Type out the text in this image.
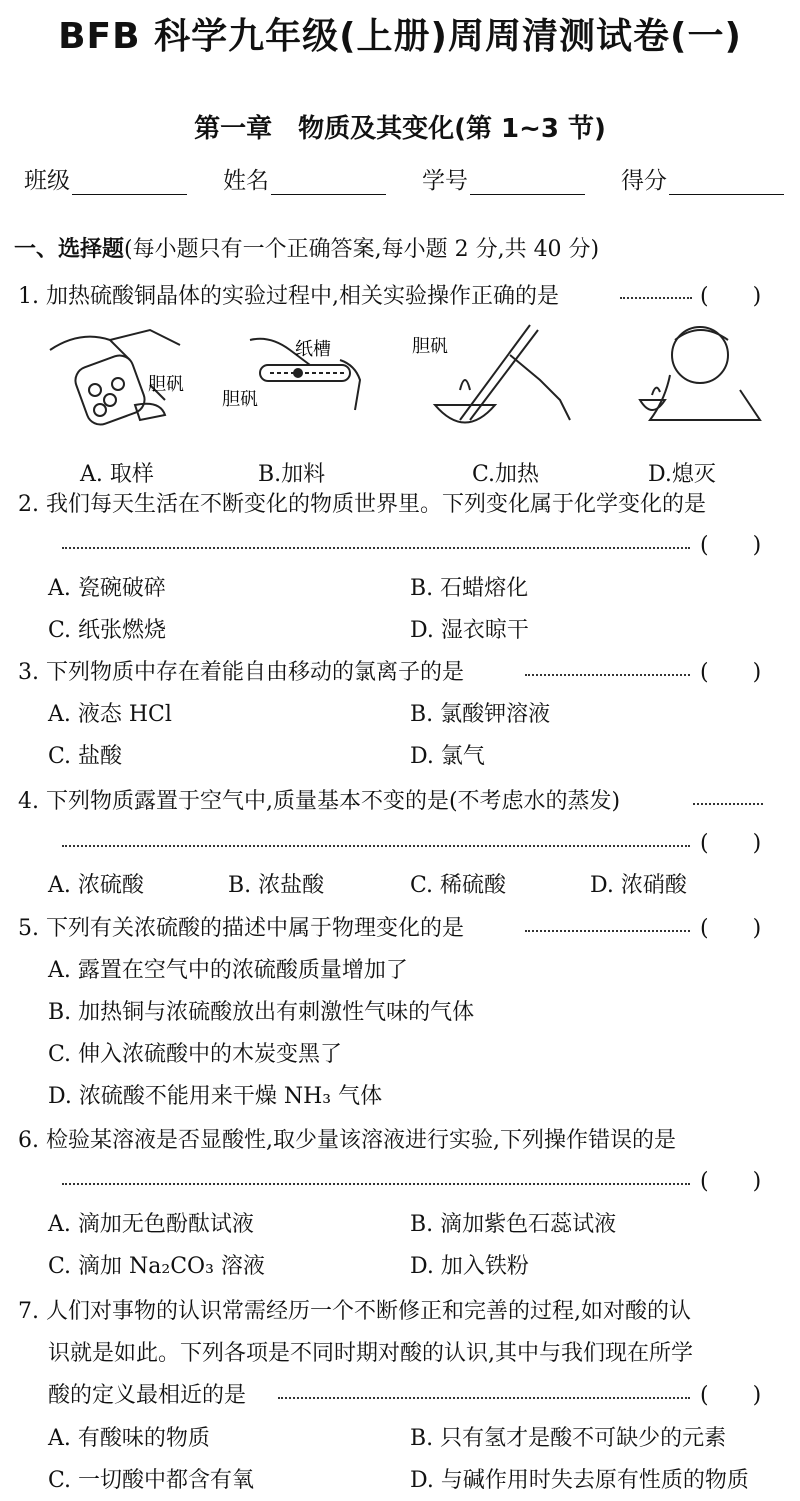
BFB 科学九年级(上册)周周清测试卷(一)
第一章　物质及其变化(第 1~3 节)
班级	姓名	学号	得分
一、选择题(每小题只有一个正确答案,每小题 2 分,共 40 分)
1. 加热硫酸铜晶体的实验过程中,相关实验操作正确的是	(　　)
胆矾
纸槽
胆矾
胆矾
A. 取样	B.加料	C.加热	D.熄灭
2. 我们每天生活在不断变化的物质世界里。下列变化属于化学变化的是
(　　)
A. 瓷碗破碎	B. 石蜡熔化
C. 纸张燃烧	D. 湿衣晾干
3. 下列物质中存在着能自由移动的氯离子的是	(　　)
A. 液态 HCl	B. 氯酸钾溶液
C. 盐酸	D. 氯气
4. 下列物质露置于空气中,质量基本不变的是(不考虑水的蒸发)
(　　)
A. 浓硫酸	B. 浓盐酸	C. 稀硫酸	D. 浓硝酸
5. 下列有关浓硫酸的描述中属于物理变化的是	(　　)
A. 露置在空气中的浓硫酸质量增加了
B. 加热铜与浓硫酸放出有刺激性气味的气体
C. 伸入浓硫酸中的木炭变黑了
D. 浓硫酸不能用来干燥 NH₃ 气体
6. 检验某溶液是否显酸性,取少量该溶液进行实验,下列操作错误的是
(　　)
A. 滴加无色酚酞试液	B. 滴加紫色石蕊试液
C. 滴加 Na₂CO₃ 溶液	D. 加入铁粉
7. 人们对事物的认识常需经历一个不断修正和完善的过程,如对酸的认
识就是如此。下列各项是不同时期对酸的认识,其中与我们现在所学
酸的定义最相近的是	(　　)
A. 有酸味的物质	B. 只有氢才是酸不可缺少的元素
C. 一切酸中都含有氧	D. 与碱作用时失去原有性质的物质
